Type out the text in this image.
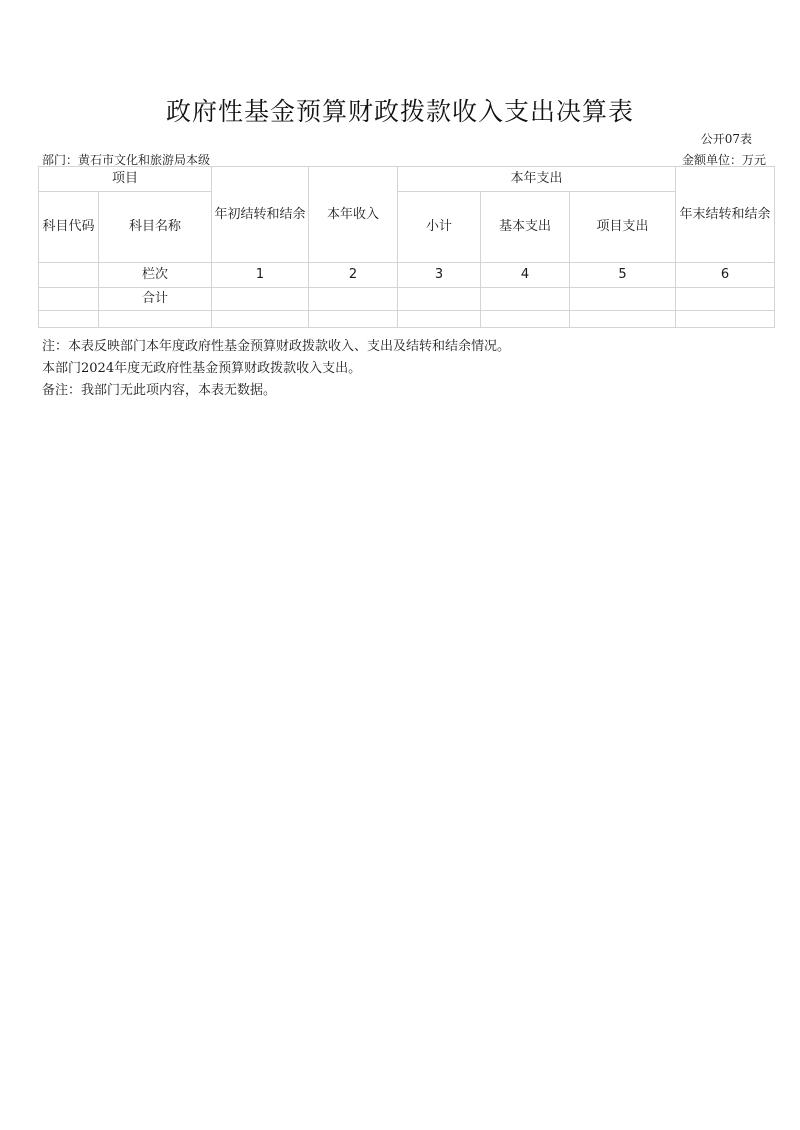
政府性基金预算财政拨款收入支出决算表
公开07表
部门：黄石市文化和旅游局本级	金额单位：万元
项目		年初结转和结余	本年收入	本年支出			年末结转和结余
科目代码	科目名称			小计	基本支出	项目支出	
	栏次	1	2	3	4	5	6
	合计						

注：本表反映部门本年度政府性基金预算财政拨款收入、支出及结转和结余情况。
本部门2024年度无政府性基金预算财政拨款收入支出。
备注：我部门无此项内容，本表无数据。
